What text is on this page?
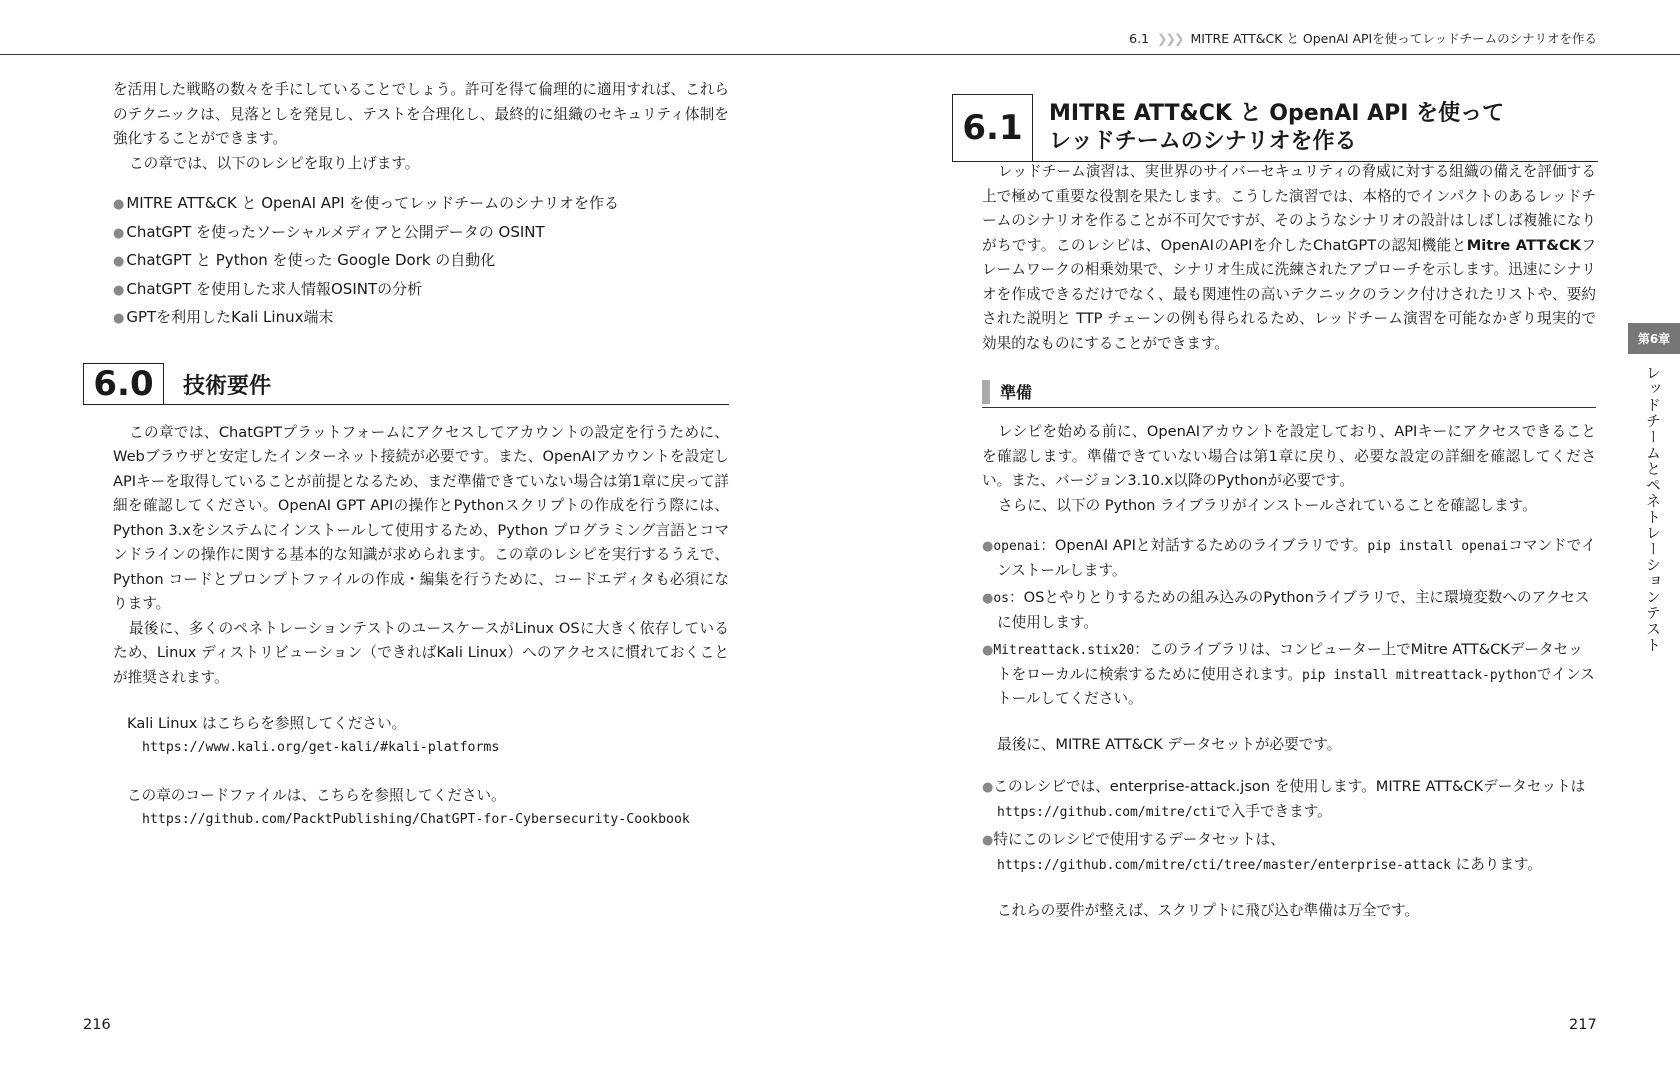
6.1 ❯❯❯ MITRE ATT&CK と OpenAI APIを使ってレッドチームのシナリオを作る

を活用した戦略の数々を手にしていることでしょう。許可を得て倫理的に適用すれば、これらのテクニックは、見落としを発見し、テストを合理化し、最終的に組織のセキュリティ体制を強化することができます。

この章では、以下のレシピを取り上げます。

● MITRE ATT&CK と OpenAI API を使ってレッドチームのシナリオを作る
● ChatGPT を使ったソーシャルメディアと公開データの OSINT
● ChatGPT と Python を使った Google Dork の自動化
● ChatGPT を使用した求人情報OSINTの分析
● GPTを利用したKali Linux端末
6.0	技術要件

この章では、ChatGPTプラットフォームにアクセスしてアカウントの設定を行うために、Webブラウザと安定したインターネット接続が必要です。また、OpenAIアカウントを設定しAPIキーを取得していることが前提となるため、まだ準備できていない場合は第1章に戻って詳細を確認してください。OpenAI GPT APIの操作とPythonスクリプトの作成を行う際には、Python 3.xをシステムにインストールして使用するため、Python プログラミング言語とコマンドラインの操作に関する基本的な知識が求められます。この章のレシピを実行するうえで、Python コードとプロンプトファイルの作成・編集を行うために、コードエディタも必須になります。

最後に、多くのペネトレーションテストのユースケースがLinux OSに大きく依存しているため、Linux ディストリビューション（できればKali Linux）へのアクセスに慣れておくことが推奨されます。

Kali Linux はこちらを参照してください。

https://www.kali.org/get-kali/#kali-platforms

この章のコードファイルは、こちらを参照してください。

https://github.com/PacktPublishing/ChatGPT-for-Cybersecurity-Cookbook

216
6.1	MITRE ATT&CK と OpenAI API を使って
レッドチームのシナリオを作る

レッドチーム演習は、実世界のサイバーセキュリティの脅威に対する組織の備えを評価する上で極めて重要な役割を果たします。こうした演習では、本格的でインパクトのあるレッドチームのシナリオを作ることが不可欠ですが、そのようなシナリオの設計はしばしば複雑になりがちです。このレシピは、OpenAIのAPIを介したChatGPTの認知機能とMitre ATT&CKフレームワークの相乗効果で、シナリオ生成に洗練されたアプローチを示します。迅速にシナリオを作成できるだけでなく、最も関連性の高いテクニックのランク付けされたリストや、要約された説明と TTP チェーンの例も得られるため、レッドチーム演習を可能なかぎり現実的で効果的なものにすることができます。

準備

レシピを始める前に、OpenAIアカウントを設定しており、APIキーにアクセスできることを確認します。準備できていない場合は第1章に戻り、必要な設定の詳細を確認してください。また、バージョン3.10.x以降のPythonが必要です。

さらに、以下の Python ライブラリがインストールされていることを確認します。

●openai：OpenAI APIと対話するためのライブラリです。pip install openaiコマンドでインストールします。
●os：OSとやりとりするための組み込みのPythonライブラリで、主に環境変数へのアクセスに使用します。
●Mitreattack.stix20：このライブラリは、コンピューター上でMitre ATT&CKデータセットをローカルに検索するために使用されます。pip install mitreattack-pythonでインストールしてください。

最後に、MITRE ATT&CK データセットが必要です。

●このレシピでは、enterprise-attack.json を使用します。MITRE ATT&CKデータセットはhttps://github.com/mitre/ctiで入手できます。
●特にこのレシピで使用するデータセットは、
https://github.com/mitre/cti/tree/master/enterprise-attack にあります。

これらの要件が整えば、スクリプトに飛び込む準備は万全です。

217
第6章
レッドチームとペネトレーションテスト
